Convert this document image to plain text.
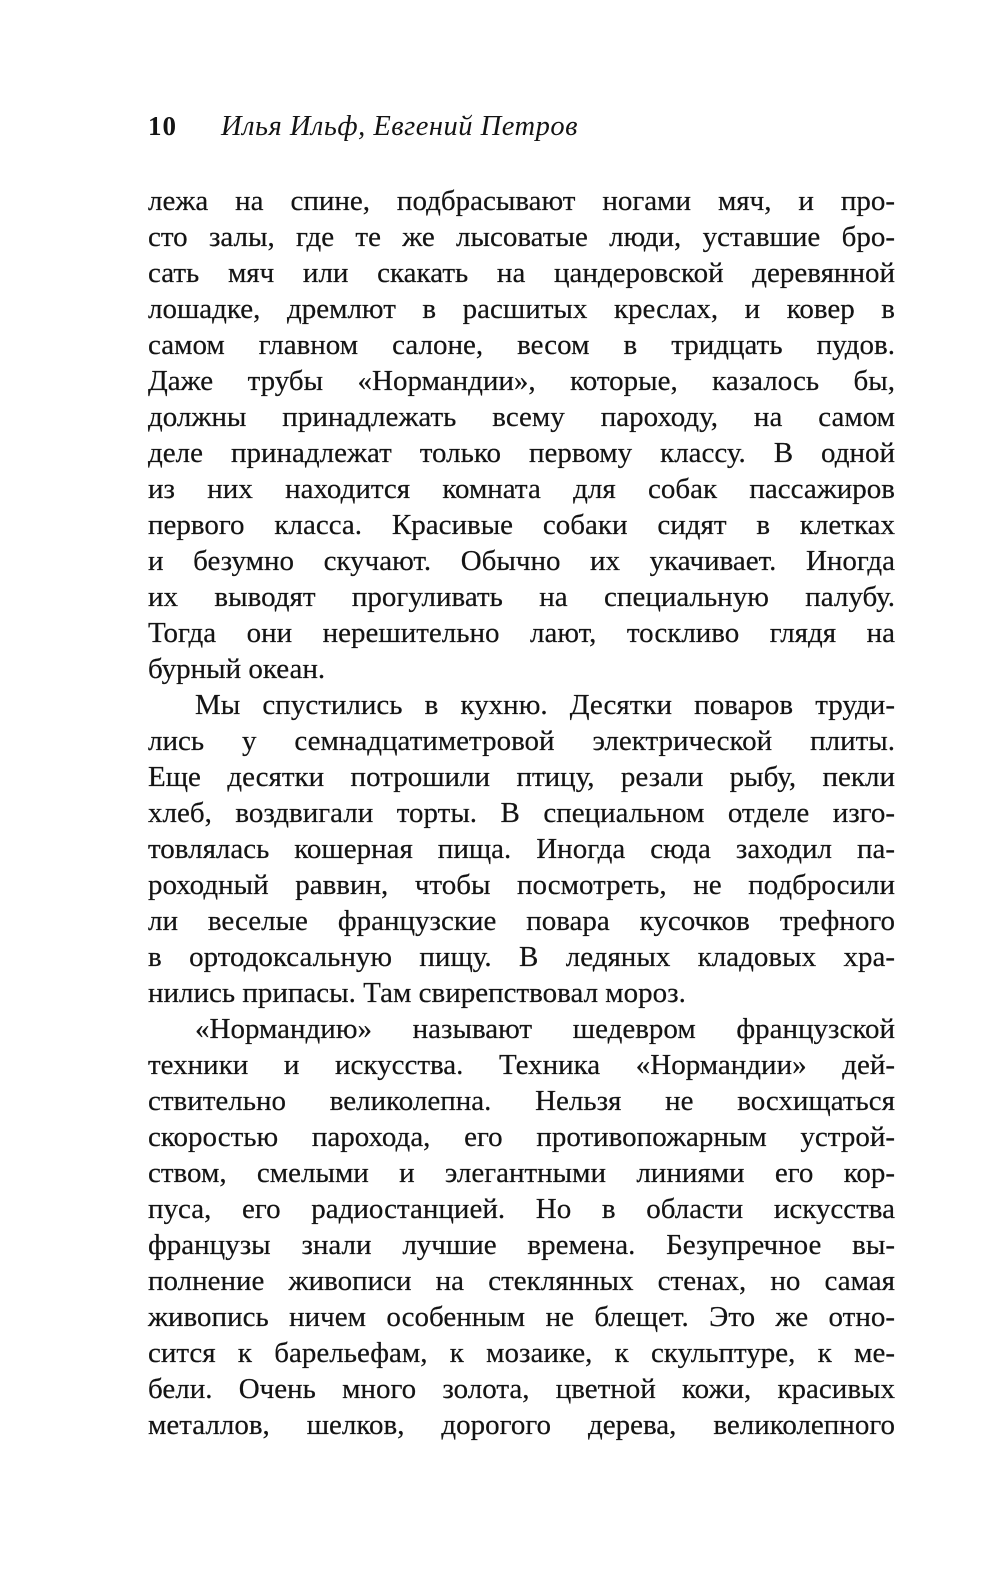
10 Илья Ильф, Евгений Петров
лежа на спине, подбрасывают ногами мяч, и про-
сто залы, где те же лысоватые люди, уставшие бро-
сать мяч или скакать на цандеровской деревянной
лошадке, дремлют в расшитых креслах, и ковер в
самом главном салоне, весом в тридцать пудов.
Даже трубы «Нормандии», которые, казалось бы,
должны принадлежать всему пароходу, на самом
деле принадлежат только первому классу. В одной
из них находится комната для собак пассажиров
первого класса. Красивые собаки сидят в клетках
и безумно скучают. Обычно их укачивает. Иногда
их выводят прогуливать на специальную палубу.
Тогда они нерешительно лают, тоскливо глядя на
бурный океан.
Мы спустились в кухню. Десятки поваров труди-
лись у семнадцатиметровой электрической плиты.
Еще десятки потрошили птицу, резали рыбу, пекли
хлеб, воздвигали торты. В специальном отделе изго-
товлялась кошерная пища. Иногда сюда заходил па-
роходный раввин, чтобы посмотреть, не подбросили
ли веселые французские повара кусочков трефного
в ортодоксальную пищу. В ледяных кладовых хра-
нились припасы. Там свирепствовал мороз.
«Нормандию» называют шедевром французской
техники и искусства. Техника «Нормандии» дей-
ствительно великолепна. Нельзя не восхищаться
скоростью парохода, его противопожарным устрой-
ством, смелыми и элегантными линиями его кор-
пуса, его радиостанцией. Но в области искусства
французы знали лучшие времена. Безупречное вы-
полнение живописи на стеклянных стенах, но самая
живопись ничем особенным не блещет. Это же отно-
сится к барельефам, к мозаике, к скульптуре, к ме-
бели. Очень много золота, цветной кожи, красивых
металлов, шелков, дорогого дерева, великолепного
